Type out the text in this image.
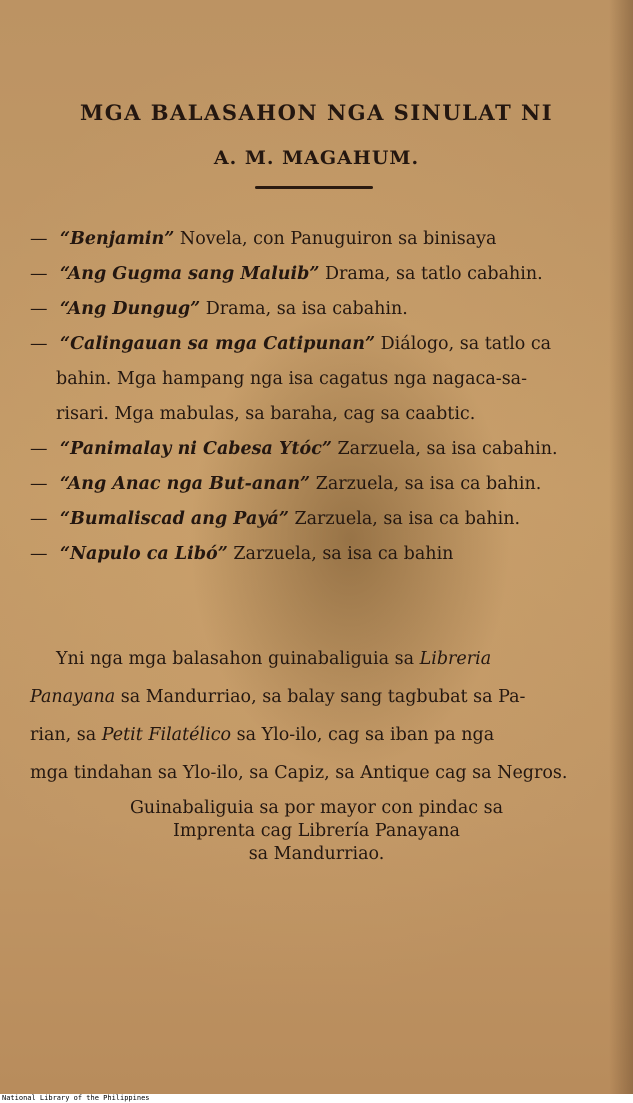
MGA BALASAHON NGA SINULAT NI
A. M. MAGAHUM.
— “Benjamin” Novela, con Panuguiron sa binisaya
— “Ang Gugma sang Maluib” Drama, sa tatlo cabahin.
— “Ang Dungug” Drama, sa isa cabahin.
— “Calingauan sa mga Catipunan” Diálogo, sa tatlo ca
bahin. Mga hampang nga isa cagatus nga nagaca-sa-
risari. Mga mabulas, sa baraha, cag sa caabtic.
— “Panimalay ni Cabesa Ytóc” Zarzuela, sa isa cabahin.
— “Ang Anac nga But-anan” Zarzuela, sa isa ca bahin.
— “Bumaliscad ang Payá” Zarzuela, sa isa ca bahin.
— “Napulo ca Libó” Zarzuela, sa isa ca bahin
Yni nga mga balasahon guinabaliguia sa Libreria
Panayana sa Mandurriao, sa balay sang tagbubat sa Pa-
rian, sa Petit Filatélico sa Ylo-ilo, cag sa iban pa nga
mga tindahan sa Ylo-ilo, sa Capiz, sa Antique cag sa Negros.
Guinabaliguia sa por mayor con pindac sa
Imprenta cag Librería Panayana
sa Mandurriao.
National Library of the Philippines
